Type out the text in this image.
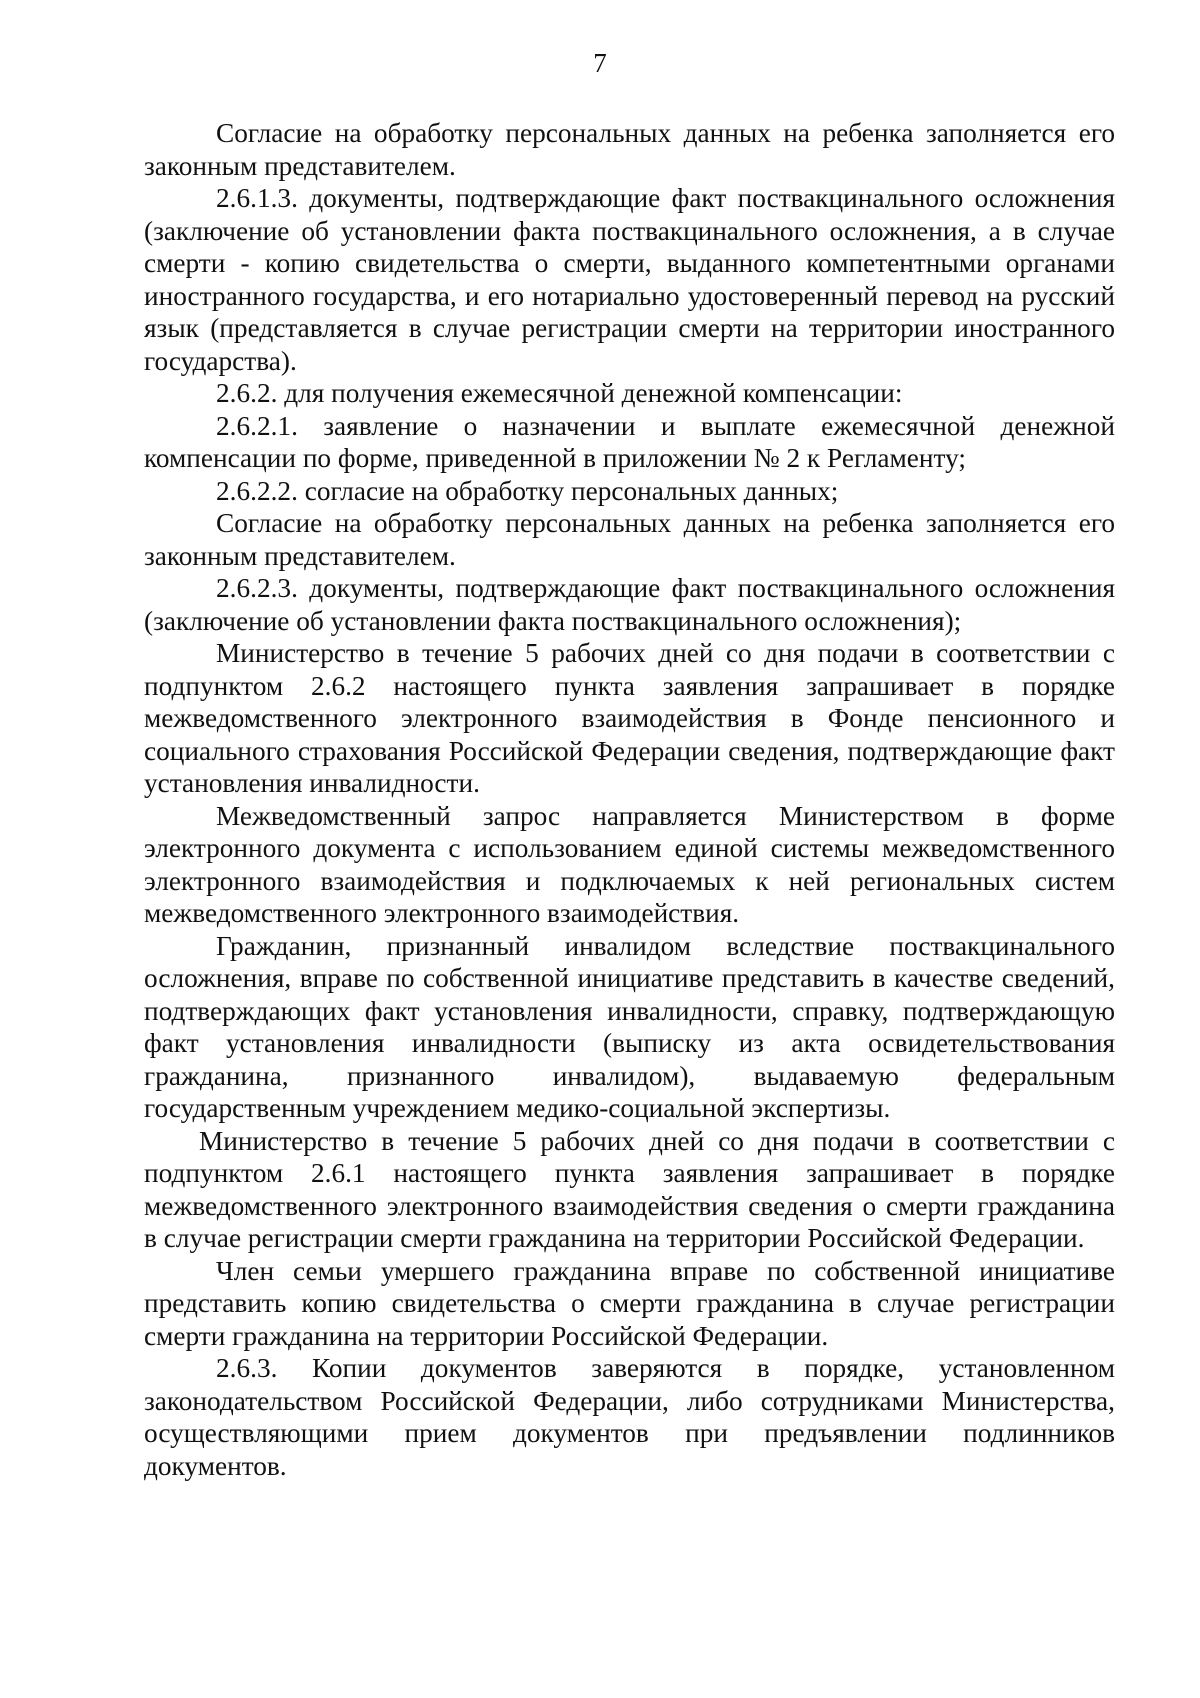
7

Согласие на обработку персональных данных на ребенка заполняется его законным представителем.

2.6.1.3. документы, подтверждающие факт поствакцинального осложнения (заключение об установлении факта поствакцинального осложнения, а в случае смерти - копию свидетельства о смерти, выданного компетентными органами иностранного государства, и его нотариально удостоверенный перевод на русский язык (представляется в случае регистрации смерти на территории иностранного государства).

2.6.2. для получения ежемесячной денежной компенсации:

2.6.2.1. заявление о назначении и выплате ежемесячной денежной компенсации по форме, приведенной в приложении № 2 к Регламенту;

2.6.2.2. согласие на обработку персональных данных;

Согласие на обработку персональных данных на ребенка заполняется его законным представителем.

2.6.2.3. документы, подтверждающие факт поствакцинального осложнения (заключение об установлении факта поствакцинального осложнения);

Министерство в течение 5 рабочих дней со дня подачи в соответствии с подпунктом 2.6.2 настоящего пункта заявления запрашивает в порядке межведомственного электронного взаимодействия в Фонде пенсионного и социального страхования Российской Федерации сведения, подтверждающие факт установления инвалидности.

Межведомственный запрос направляется Министерством в форме электронного документа с использованием единой системы межведомственного электронного взаимодействия и подключаемых к ней региональных систем межведомственного электронного взаимодействия.

Гражданин, признанный инвалидом вследствие поствакцинального осложнения, вправе по собственной инициативе представить в качестве сведений, подтверждающих факт установления инвалидности, справку, подтверждающую факт установления инвалидности (выписку из акта освидетельствования гражданина, признанного инвалидом), выдаваемую федеральным государственным учреждением медико-социальной экспертизы.

Министерство в течение 5 рабочих дней со дня подачи в соответствии с подпунктом 2.6.1 настоящего пункта заявления запрашивает в порядке межведомственного электронного взаимодействия сведения о смерти гражданина в случае регистрации смерти гражданина на территории Российской Федерации.

Член семьи умершего гражданина вправе по собственной инициативе представить копию свидетельства о смерти гражданина в случае регистрации смерти гражданина на территории Российской Федерации.

2.6.3. Копии документов заверяются в порядке, установленном законодательством Российской Федерации, либо сотрудниками Министерства, осуществляющими прием документов при предъявлении подлинников документов.
